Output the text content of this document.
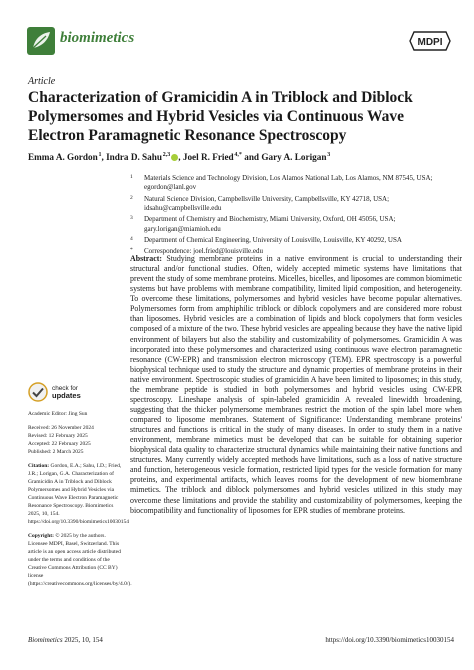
biomimetics	MDPI
Article
Characterization of Gramicidin A in Triblock and Diblock Polymersomes and Hybrid Vesicles via Continuous Wave Electron Paramagnetic Resonance Spectroscopy
Emma A. Gordon $^1$, Indra D. Sahu $^{2,3}$ , Joel R. Fried $^{4,*}$ and Gary A. Lorigan $^3$
1 Materials Science and Technology Division, Los Alamos National Lab, Los Alamos, NM 87545, USA; egordon@lanl.gov
2 Natural Science Division, Campbellsville University, Campbellsville, KY 42718, USA; idsahu@campbellsville.edu
3 Department of Chemistry and Biochemistry, Miami University, Oxford, OH 45056, USA; gary.lorigan@miamioh.edu
4 Department of Chemical Engineering, University of Louisville, Louisville, KY 40292, USA
* Correspondence: joel.fried@louisville.edu

Abstract: Studying membrane proteins in a native environment is crucial to understanding their structural and/or functional studies. Often, widely accepted mimetic systems have limitations that prevent the study of some membrane proteins. Micelles, bicelles, and liposomes are common biomimetic systems but have problems with membrane compatibility, limited lipid composition, and heterogeneity. To overcome these limitations, polymersomes and hybrid vesicles have become popular alternatives. Polymersomes form from amphiphilic triblock or diblock copolymers and are considered more robust than liposomes. Hybrid vesicles are a combination of lipids and block copolymers that form vesicles composed of a mixture of the two. These hybrid vesicles are appealing because they have the native lipid environment of bilayers but also the stability and customizability of polymersomes. Gramicidin A was incorporated into these polymersomes and characterized using continuous wave electron paramagnetic resonance (CW-EPR) and transmission electron microscopy (TEM). EPR spectroscopy is a powerful biophysical technique used to study the structure and dynamic properties of membrane proteins in their native environment. Spectroscopic studies of gramicidin A have been limited to liposomes; in this study, the membrane peptide is studied in both polymersomes and hybrid vesicles using CW-EPR spectroscopy. Lineshape analysis of spin-labeled gramicidin A revealed linewidth broadening, suggesting that the thicker polymersome membranes restrict the motion of the spin label more when compared to liposome membranes. Statement of Significance: Understanding membrane proteins' structures and functions is critical in the study of many diseases. In order to study them in a native environment, membrane mimetics must be developed that can be suitable for obtaining superior biophysical data quality to characterize structural dynamics while maintaining their native functions and structures. Many currently widely accepted methods have limitations, such as a loss of native structure and function, heterogeneous vesicle formation, restricted lipid types for the vesicle formation for many proteins, and experimental artifacts, which leaves rooms for the development of new biomembrane mimetics. The triblock and diblock polymersomes and hybrid vesicles utilized in this study may overcome these limitations and provide the stability and customizability of polymersomes, keeping the biocompatibility and functionality of liposomes for EPR studies of membrane proteins.

check for
updates
Academic Editor: Jing Sun
Received: 26 November 2024
Revised: 12 February 2025
Accepted: 22 February 2025
Published: 2 March 2025
Citation: Gordon, E.A.; Sahu, I.D.; Fried, J.R.; Lorigan, G.A. Characterization of Gramicidin A in Triblock and Diblock Polymersomes and Hybrid Vesicles via Continuous Wave Electron Paramagnetic Resonance Spectroscopy. Biomimetics 2025, 10, 154. https://doi.org/10.3390/biomimetics10030154
Copyright: © 2025 by the authors. Licensee MDPI, Basel, Switzerland. This article is an open access article distributed under the terms and conditions of the Creative Commons Attribution (CC BY) license (https://creativecommons.org/licenses/by/4.0/).
Biomimetics 2025, 10, 154	https://doi.org/10.3390/biomimetics10030154
